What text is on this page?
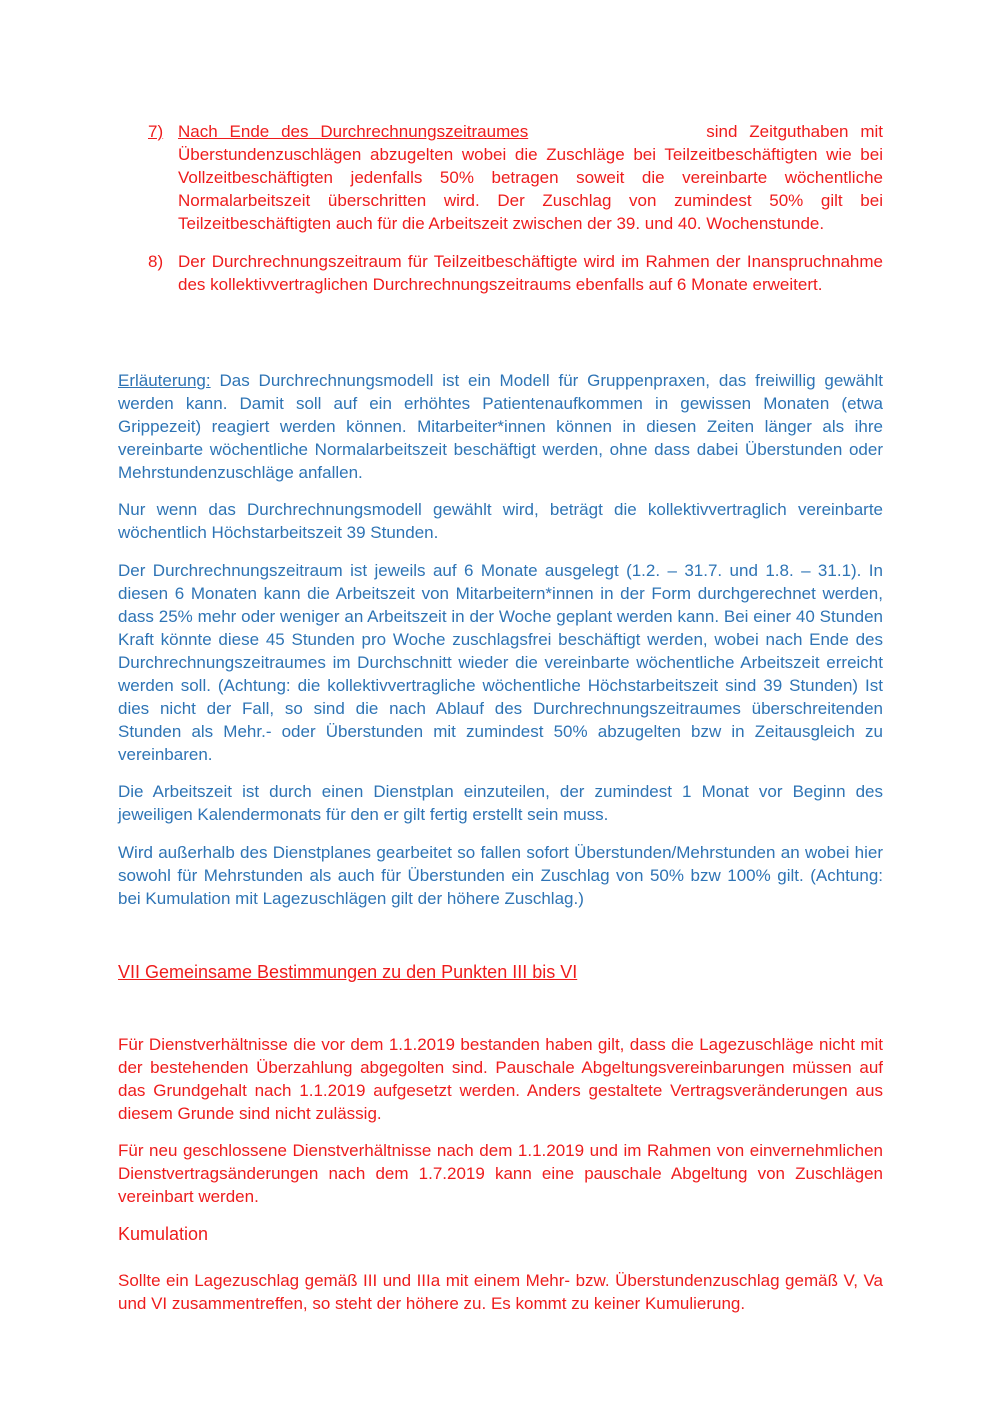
7) Nach Ende des Durchrechnungszeitraumes	sind Zeitguthaben mit

Überstundenzuschlägen abzugelten wobei die Zuschläge bei Teilzeitbeschäftigten wie bei Vollzeitbeschäftigten jedenfalls 50% betragen soweit die vereinbarte wöchentliche Normalarbeitszeit überschritten wird. Der Zuschlag von zumindest 50% gilt bei Teilzeitbeschäftigten auch für die Arbeitszeit zwischen der 39. und 40. Wochenstunde.

8) Der Durchrechnungszeitraum für Teilzeitbeschäftigte wird im Rahmen der Inanspruchnahme des kollektivvertraglichen Durchrechnungszeitraums ebenfalls auf 6 Monate erweitert.

Erläuterung: Das Durchrechnungsmodell ist ein Modell für Gruppenpraxen, das freiwillig gewählt werden kann. Damit soll auf ein erhöhtes Patientenaufkommen in gewissen Monaten (etwa Grippezeit) reagiert werden können. Mitarbeiter*innen können in diesen Zeiten länger als ihre vereinbarte wöchentliche Normalarbeitszeit beschäftigt werden, ohne dass dabei Überstunden oder Mehrstundenzuschläge anfallen.

Nur wenn das Durchrechnungsmodell gewählt wird, beträgt die kollektivvertraglich vereinbarte wöchentlich Höchstarbeitszeit 39 Stunden.

Der Durchrechnungszeitraum ist jeweils auf 6 Monate ausgelegt (1.2. – 31.7. und 1.8. – 31.1). In diesen 6 Monaten kann die Arbeitszeit von Mitarbeitern*innen in der Form durchgerechnet werden, dass 25% mehr oder weniger an Arbeitszeit in der Woche geplant werden kann. Bei einer 40 Stunden Kraft könnte diese 45 Stunden pro Woche zuschlagsfrei beschäftigt werden, wobei nach Ende des Durchrechnungszeitraumes im Durchschnitt wieder die vereinbarte wöchentliche Arbeitszeit erreicht werden soll. (Achtung: die kollektivvertragliche wöchentliche Höchstarbeitszeit sind 39 Stunden) Ist dies nicht der Fall, so sind die nach Ablauf des Durchrechnungszeitraumes überschreitenden Stunden als Mehr.- oder Überstunden mit zumindest 50% abzugelten bzw in Zeitausgleich zu vereinbaren.

Die Arbeitszeit ist durch einen Dienstplan einzuteilen, der zumindest 1 Monat vor Beginn des jeweiligen Kalendermonats für den er gilt fertig erstellt sein muss.

Wird außerhalb des Dienstplanes gearbeitet so fallen sofort Überstunden/Mehrstunden an wobei hier sowohl für Mehrstunden als auch für Überstunden ein Zuschlag von 50% bzw 100% gilt. (Achtung: bei Kumulation mit Lagezuschlägen gilt der höhere Zuschlag.)

VII Gemeinsame Bestimmungen zu den Punkten III bis VI

Für Dienstverhältnisse die vor dem 1.1.2019 bestanden haben gilt, dass die Lagezuschläge nicht mit der bestehenden Überzahlung abgegolten sind. Pauschale Abgeltungsvereinbarungen müssen auf das Grundgehalt nach 1.1.2019 aufgesetzt werden. Anders gestaltete Vertragsveränderungen aus diesem Grunde sind nicht zulässig.

Für neu geschlossene Dienstverhältnisse nach dem 1.1.2019 und im Rahmen von einvernehmlichen Dienstvertragsänderungen nach dem 1.7.2019 kann eine pauschale Abgeltung von Zuschlägen vereinbart werden.

Kumulation

Sollte ein Lagezuschlag gemäß III und IIIa mit einem Mehr- bzw. Überstundenzuschlag gemäß V, Va und VI zusammentreffen, so steht der höhere zu. Es kommt zu keiner Kumulierung.
